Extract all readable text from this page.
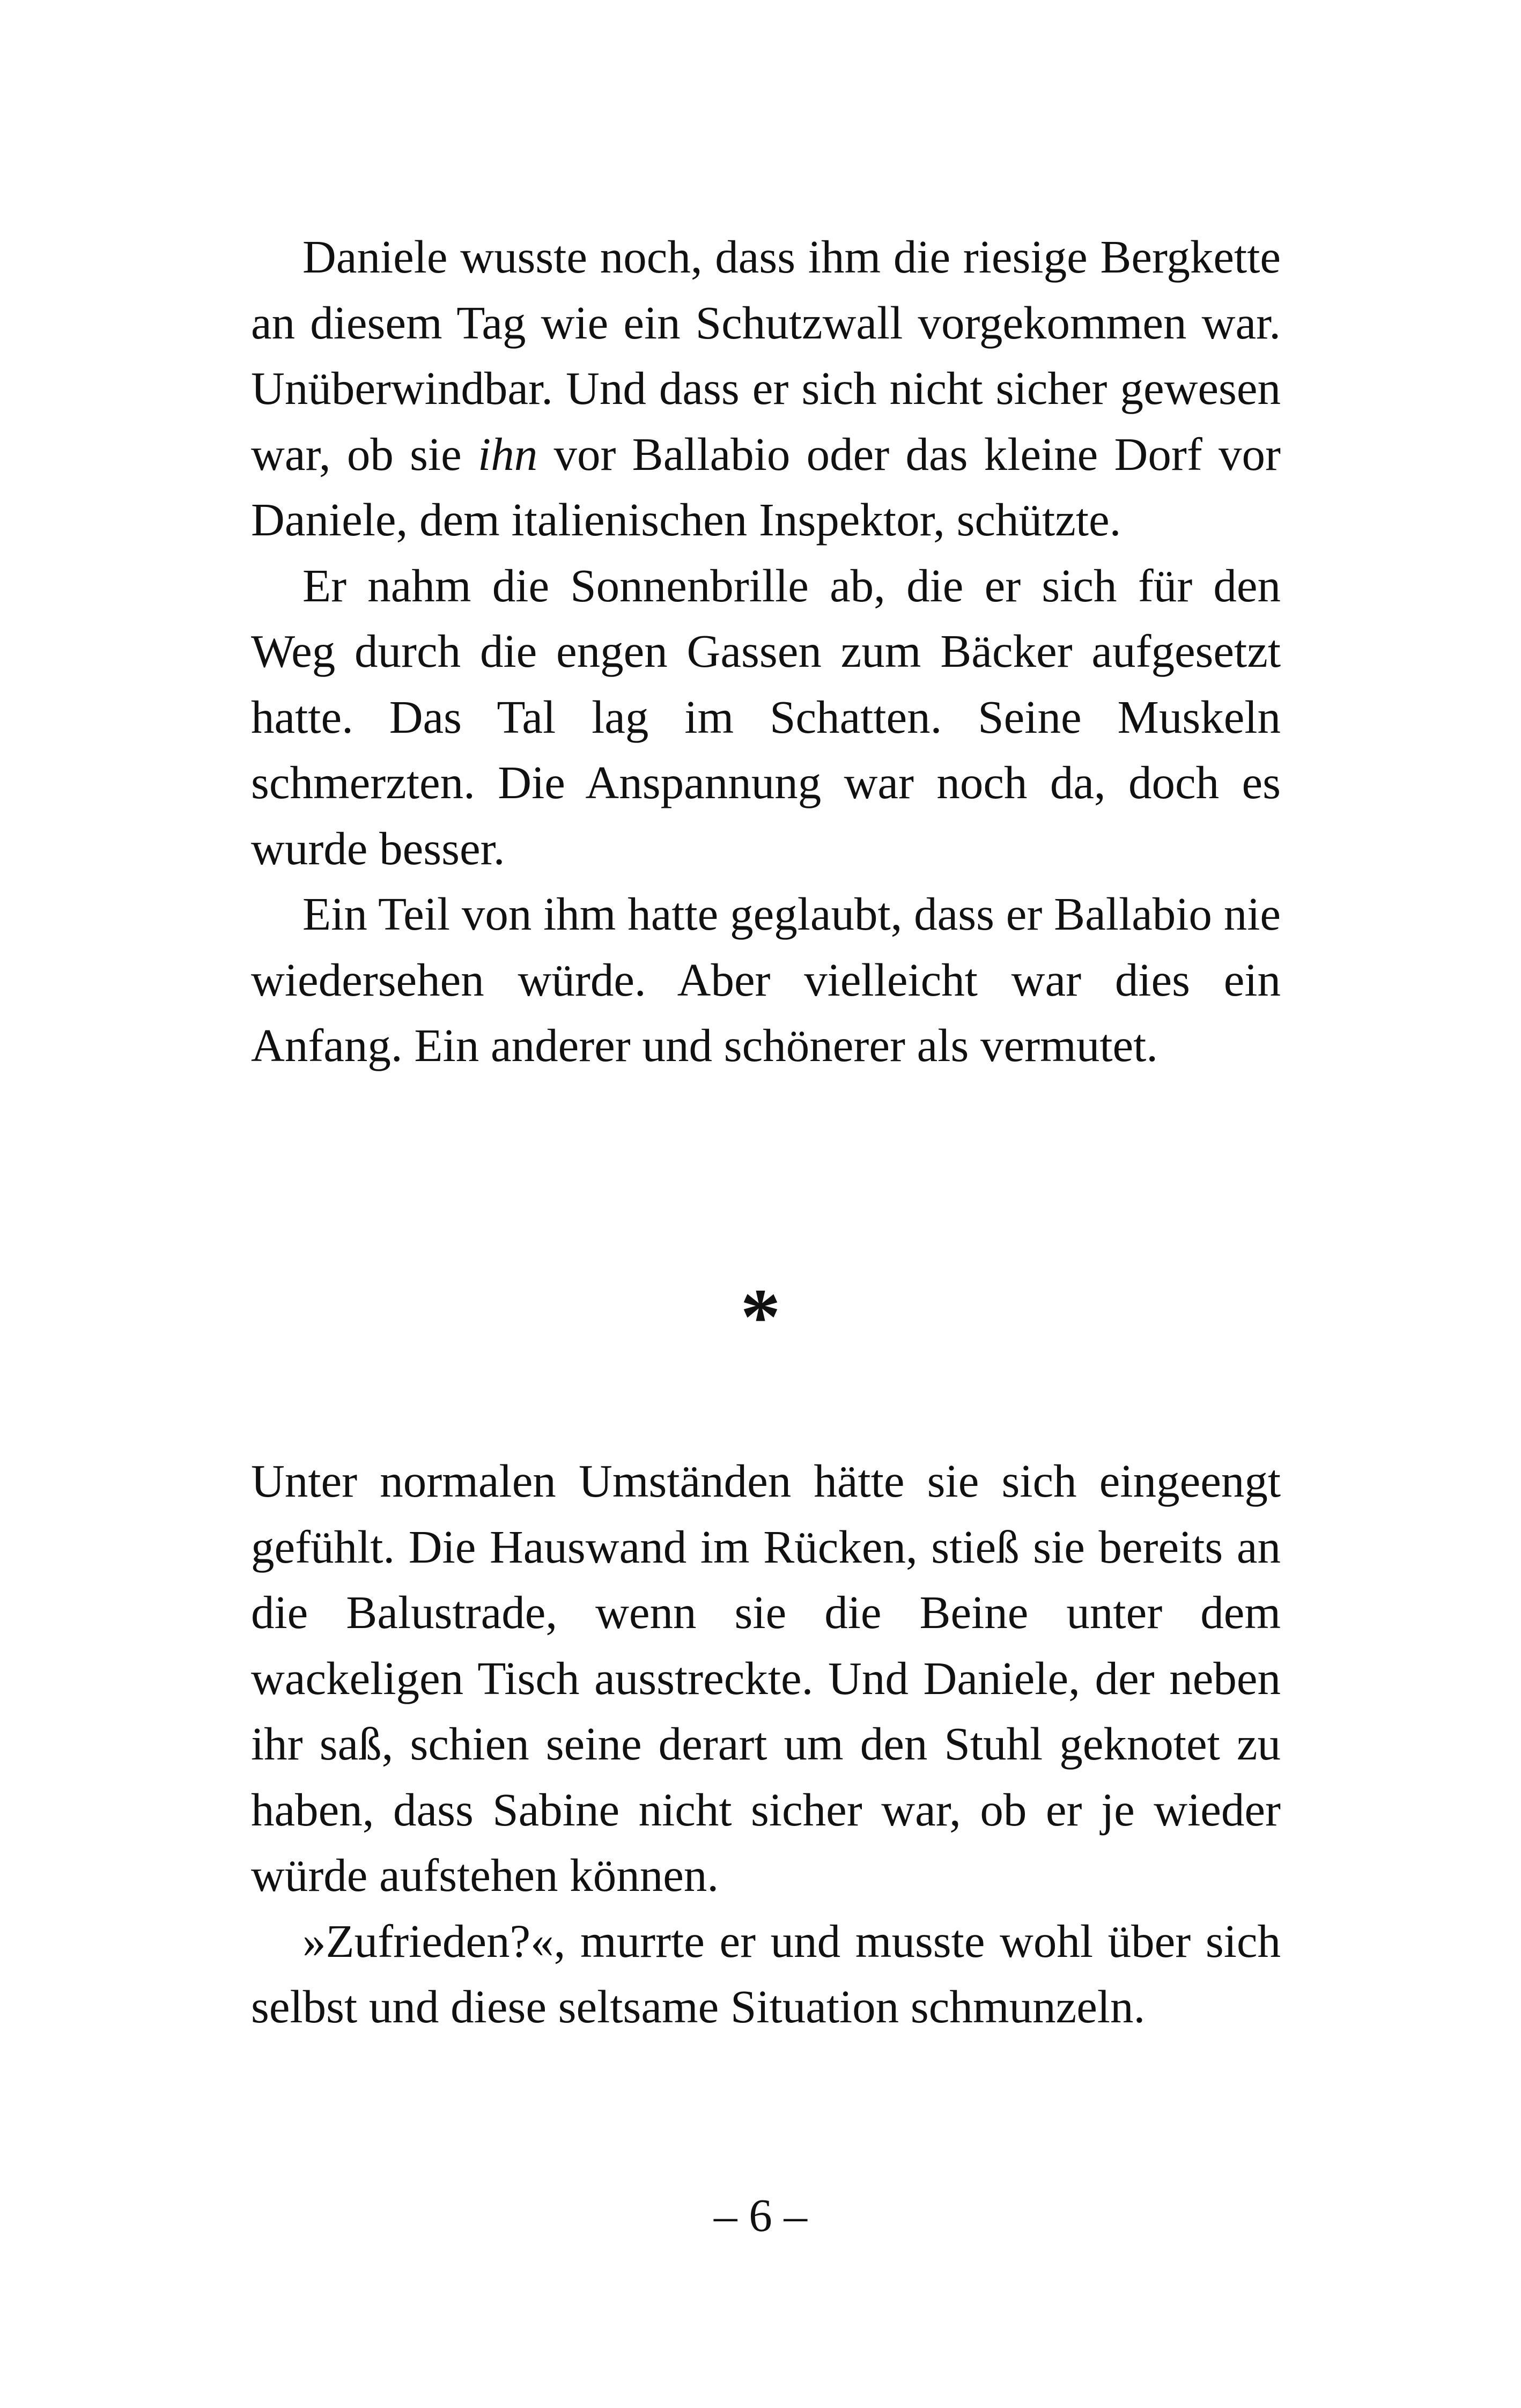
Daniele wusste noch, dass ihm die riesige Bergkette an diesem Tag wie ein Schutzwall vorgekommen war. Unüberwindbar. Und dass er sich nicht sicher gewesen war, ob sie ihn vor Ballabio oder das kleine Dorf vor Daniele, dem italienischen Inspektor, schützte.

Er nahm die Sonnenbrille ab, die er sich für den Weg durch die engen Gassen zum Bäcker aufgesetzt hatte. Das Tal lag im Schatten. Seine Muskeln schmerzten. Die Anspannung war noch da, doch es wurde besser.

Ein Teil von ihm hatte geglaubt, dass er Ballabio nie wiedersehen würde. Aber vielleicht war dies ein Anfang. Ein anderer und schönerer als vermutet.

*

Unter normalen Umständen hätte sie sich eingeengt gefühlt. Die Hauswand im Rücken, stieß sie bereits an die Balustrade, wenn sie die Beine unter dem wackeligen Tisch ausstreckte. Und Daniele, der neben ihr saß, schien seine derart um den Stuhl geknotet zu haben, dass Sabine nicht sicher war, ob er je wieder würde aufstehen können.

»Zufrieden?«, murrte er und musste wohl über sich selbst und diese seltsame Situation schmunzeln.

– 6 –
